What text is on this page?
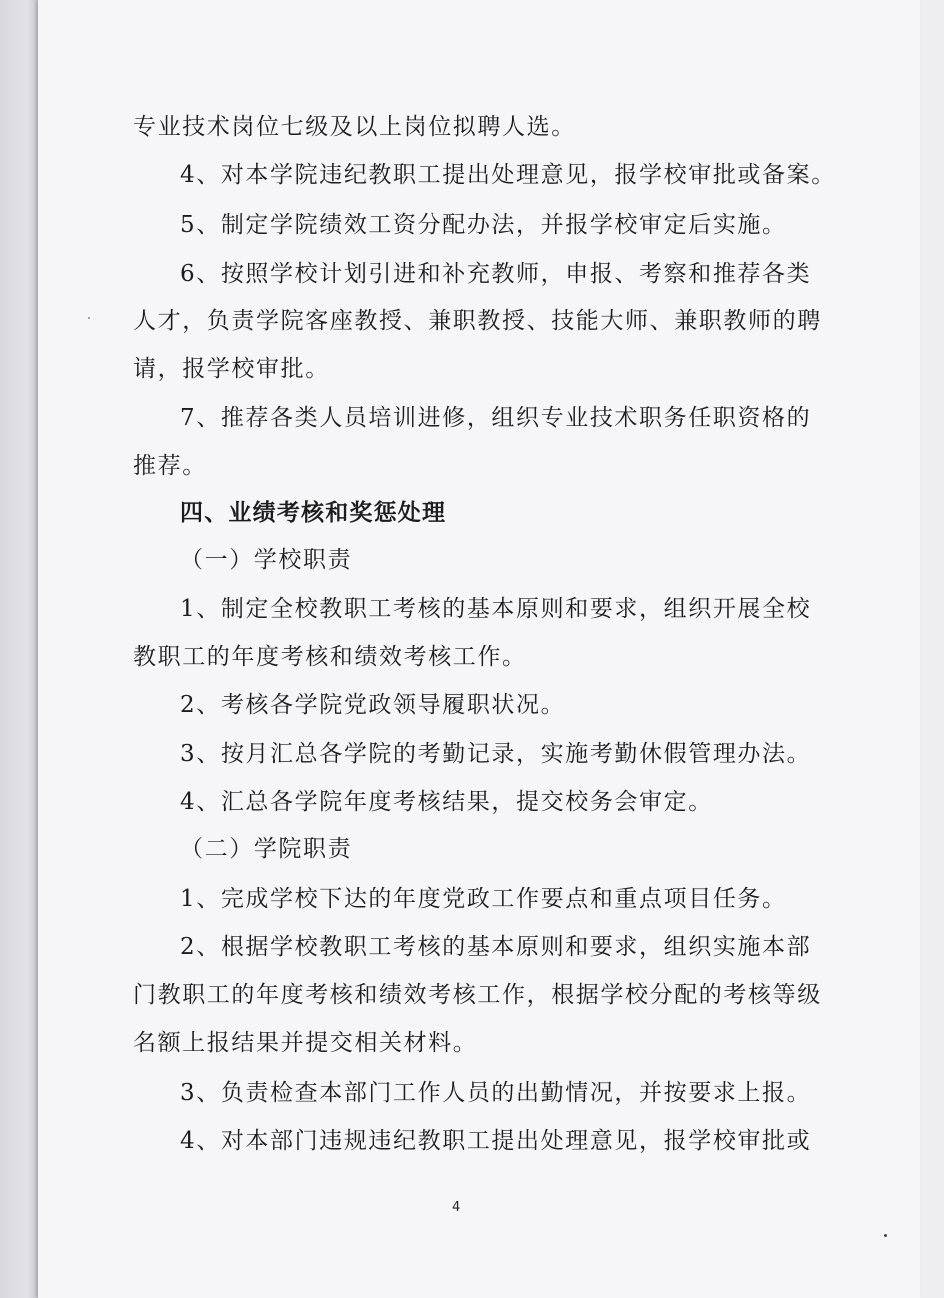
专业技术岗位七级及以上岗位拟聘人选。
4、对本学院违纪教职工提出处理意见，报学校审批或备案。
5、制定学院绩效工资分配办法，并报学校审定后实施。
6、按照学校计划引进和补充教师，申报、考察和推荐各类
人才，负责学院客座教授、兼职教授、技能大师、兼职教师的聘
请，报学校审批。
7、推荐各类人员培训进修，组织专业技术职务任职资格的
推荐。
四、业绩考核和奖惩处理
（一）学校职责
1、制定全校教职工考核的基本原则和要求，组织开展全校
教职工的年度考核和绩效考核工作。
2、考核各学院党政领导履职状况。
3、按月汇总各学院的考勤记录，实施考勤休假管理办法。
4、汇总各学院年度考核结果，提交校务会审定。
（二）学院职责
1、完成学校下达的年度党政工作要点和重点项目任务。
2、根据学校教职工考核的基本原则和要求，组织实施本部
门教职工的年度考核和绩效考核工作，根据学校分配的考核等级
名额上报结果并提交相关材料。
3、负责检查本部门工作人员的出勤情况，并按要求上报。
4、对本部门违规违纪教职工提出处理意见，报学校审批或
4
